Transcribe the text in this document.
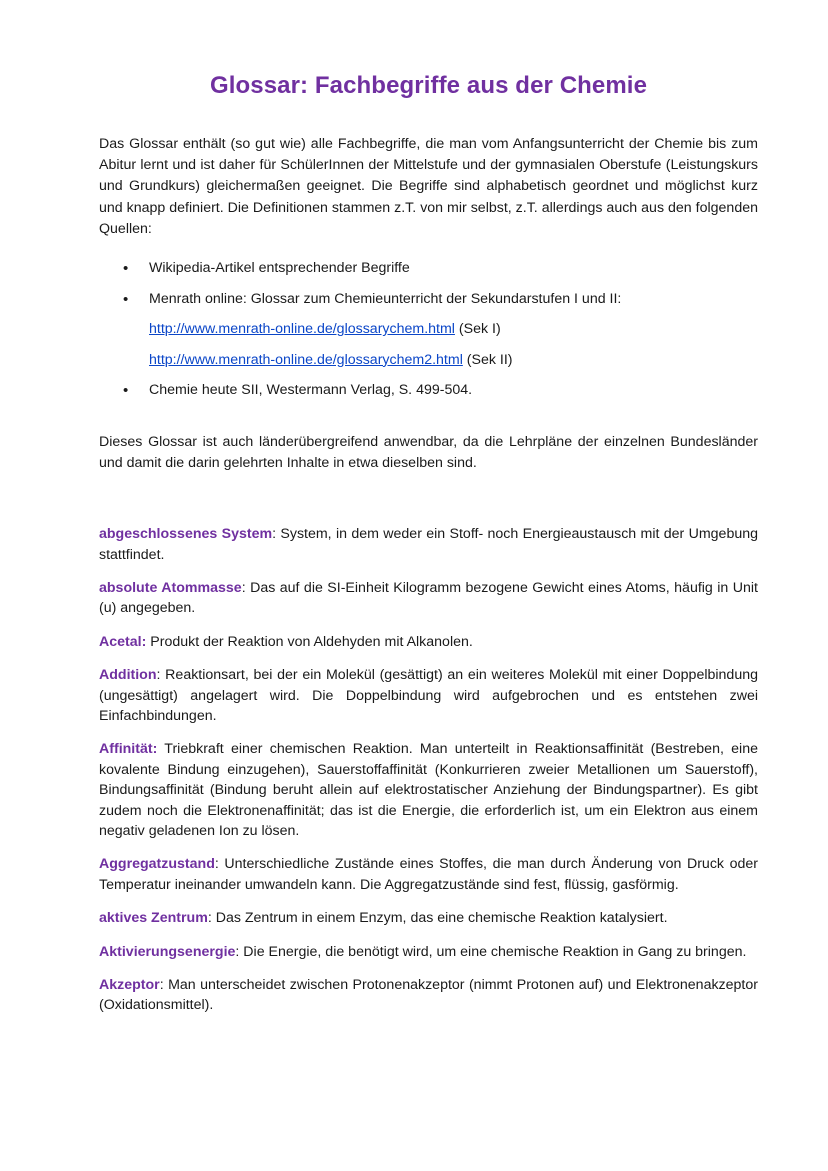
Glossar: Fachbegriffe aus der Chemie

Das Glossar enthält (so gut wie) alle Fachbegriffe, die man vom Anfangsunterricht der Chemie bis zum Abitur lernt und ist daher für SchülerInnen der Mittelstufe und der gymnasialen Oberstufe (Leistungskurs und Grundkurs) gleichermaßen geeignet. Die Begriffe sind alphabetisch geordnet und möglichst kurz und knapp definiert. Die Definitionen stammen z.T. von mir selbst, z.T. allerdings auch aus den folgenden Quellen:

• Wikipedia-Artikel entsprechender Begriffe
• Menrath online: Glossar zum Chemieunterricht der Sekundarstufen I und II:
http://www.menrath-online.de/glossarychem.html (Sek I)
http://www.menrath-online.de/glossarychem2.html (Sek II)
• Chemie heute SII, Westermann Verlag, S. 499-504.

Dieses Glossar ist auch länderübergreifend anwendbar, da die Lehrpläne der einzelnen Bundesländer und damit die darin gelehrten Inhalte in etwa dieselben sind.

abgeschlossenes System: System, in dem weder ein Stoff- noch Energieaustausch mit der Umgebung stattfindet.

absolute Atommasse: Das auf die SI-Einheit Kilogramm bezogene Gewicht eines Atoms, häufig in Unit (u) angegeben.

Acetal: Produkt der Reaktion von Aldehyden mit Alkanolen.

Addition: Reaktionsart, bei der ein Molekül (gesättigt) an ein weiteres Molekül mit einer Doppelbindung (ungesättigt) angelagert wird. Die Doppelbindung wird aufgebrochen und es entstehen zwei Einfachbindungen.

Affinität: Triebkraft einer chemischen Reaktion. Man unterteilt in Reaktionsaffinität (Bestreben, eine kovalente Bindung einzugehen), Sauerstoffaffinität (Konkurrieren zweier Metallionen um Sauerstoff), Bindungsaffinität (Bindung beruht allein auf elektrostatischer Anziehung der Bindungspartner). Es gibt zudem noch die Elektronenaffinität; das ist die Energie, die erforderlich ist, um ein Elektron aus einem negativ geladenen Ion zu lösen.

Aggregatzustand: Unterschiedliche Zustände eines Stoffes, die man durch Änderung von Druck oder Temperatur ineinander umwandeln kann. Die Aggregatzustände sind fest, flüssig, gasförmig.

aktives Zentrum: Das Zentrum in einem Enzym, das eine chemische Reaktion katalysiert.

Aktivierungsenergie: Die Energie, die benötigt wird, um eine chemische Reaktion in Gang zu bringen.

Akzeptor: Man unterscheidet zwischen Protonenakzeptor (nimmt Protonen auf) und Elektronenakzeptor (Oxidationsmittel).
